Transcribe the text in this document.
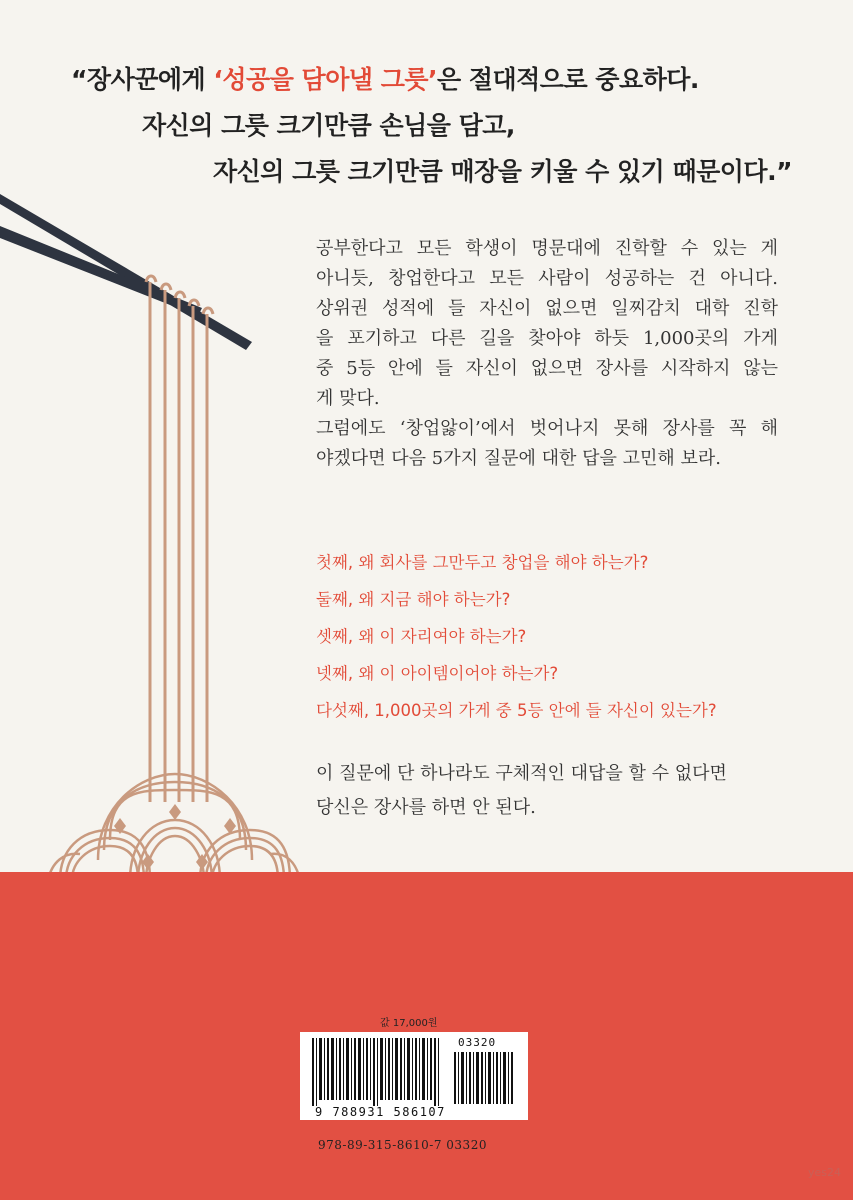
“장사꾼에게 ‘성공을 담아낼 그릇’은 절대적으로 중요하다.
자신의 그릇 크기만큼 손님을 담고,
자신의 그릇 크기만큼 매장을 키울 수 있기 때문이다.”

공부한다고 모든 학생이 명문대에 진학할 수 있는 게

아니듯, 창업한다고 모든 사람이 성공하는 건 아니다.

상위권 성적에 들 자신이 없으면 일찌감치 대학 진학

을 포기하고 다른 길을 찾아야 하듯 1,000곳의 가게

중 5등 안에 들 자신이 없으면 장사를 시작하지 않는

게 맞다.

그럼에도 ‘창업앓이’에서 벗어나지 못해 장사를 꼭 해

야겠다면 다음 5가지 질문에 대한 답을 고민해 보라.

첫째, 왜 회사를 그만두고 창업을 해야 하는가?
둘째, 왜 지금 해야 하는가?
셋째, 왜 이 자리여야 하는가?
넷째, 왜 이 아이템이어야 하는가?
다섯째, 1,000곳의 가게 중 5등 안에 들 자신이 있는가?

이 질문에 단 하나라도 구체적인 대답을 할 수 없다면

당신은 장사를 하면 안 된다.

값 17,000원
9 788931 586107
03320
978-89-315-8610-7 03320
yes24
